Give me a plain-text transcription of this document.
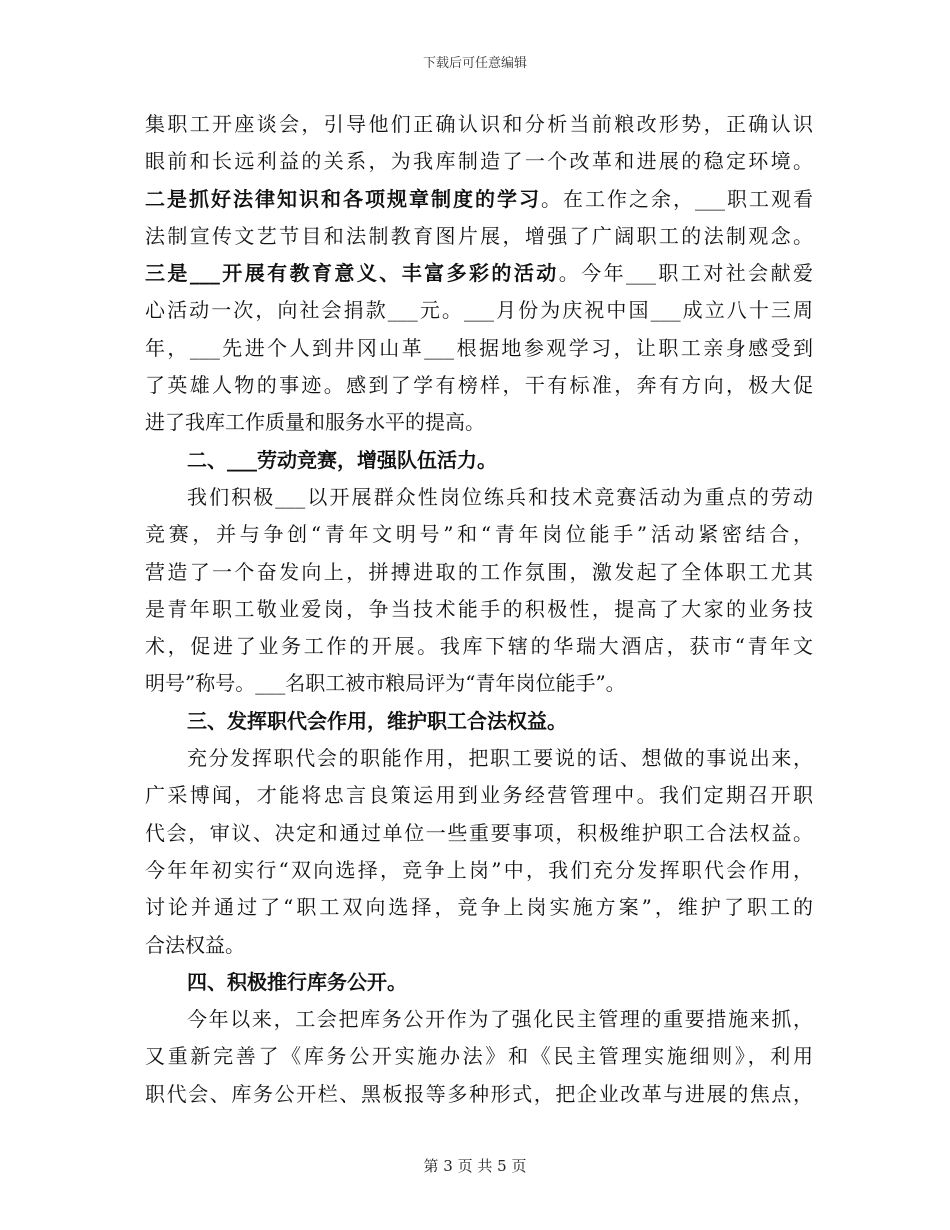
下载后可任意编辑
集职工开座谈会，引导他们正确认识和分析当前粮改形势，正确认识
眼前和长远利益的关系，为我库制造了一个改革和进展的稳定环境。
二是抓好法律知识和各项规章制度的学习。在工作之余，___职工观看
法制宣传文艺节目和法制教育图片展，增强了广阔职工的法制观念。
三是___开展有教育意义、丰富多彩的活动。今年___职工对社会献爱
心活动一次，向社会捐款___元。___月份为庆祝中国___成立八十三周
年，___先进个人到井冈山革___根据地参观学习，让职工亲身感受到
了英雄人物的事迹。感到了学有榜样，干有标准，奔有方向，极大促
进了我库工作质量和服务水平的提高。
二、___劳动竞赛，增强队伍活力。
我们积极___以开展群众性岗位练兵和技术竞赛活动为重点的劳动
竞赛，并与争创“青年文明号”和“青年岗位能手”活动紧密结合，
营造了一个奋发向上，拼搏进取的工作氛围，激发起了全体职工尤其
是青年职工敬业爱岗，争当技术能手的积极性，提高了大家的业务技
术，促进了业务工作的开展。我库下辖的华瑞大酒店，获市“青年文
明号”称号。___名职工被市粮局评为“青年岗位能手”。
三、发挥职代会作用，维护职工合法权益。
充分发挥职代会的职能作用，把职工要说的话、想做的事说出来，
广采博闻，才能将忠言良策运用到业务经营管理中。我们定期召开职
代会，审议、决定和通过单位一些重要事项，积极维护职工合法权益。
今年年初实行“双向选择，竞争上岗”中，我们充分发挥职代会作用，
讨论并通过了“职工双向选择，竞争上岗实施方案”，维护了职工的
合法权益。
四、积极推行库务公开。
今年以来，工会把库务公开作为了强化民主管理的重要措施来抓，
又重新完善了《库务公开实施办法》和《民主管理实施细则》，利用
职代会、库务公开栏、黑板报等多种形式，把企业改革与进展的焦点，
第 3 页 共 5 页
